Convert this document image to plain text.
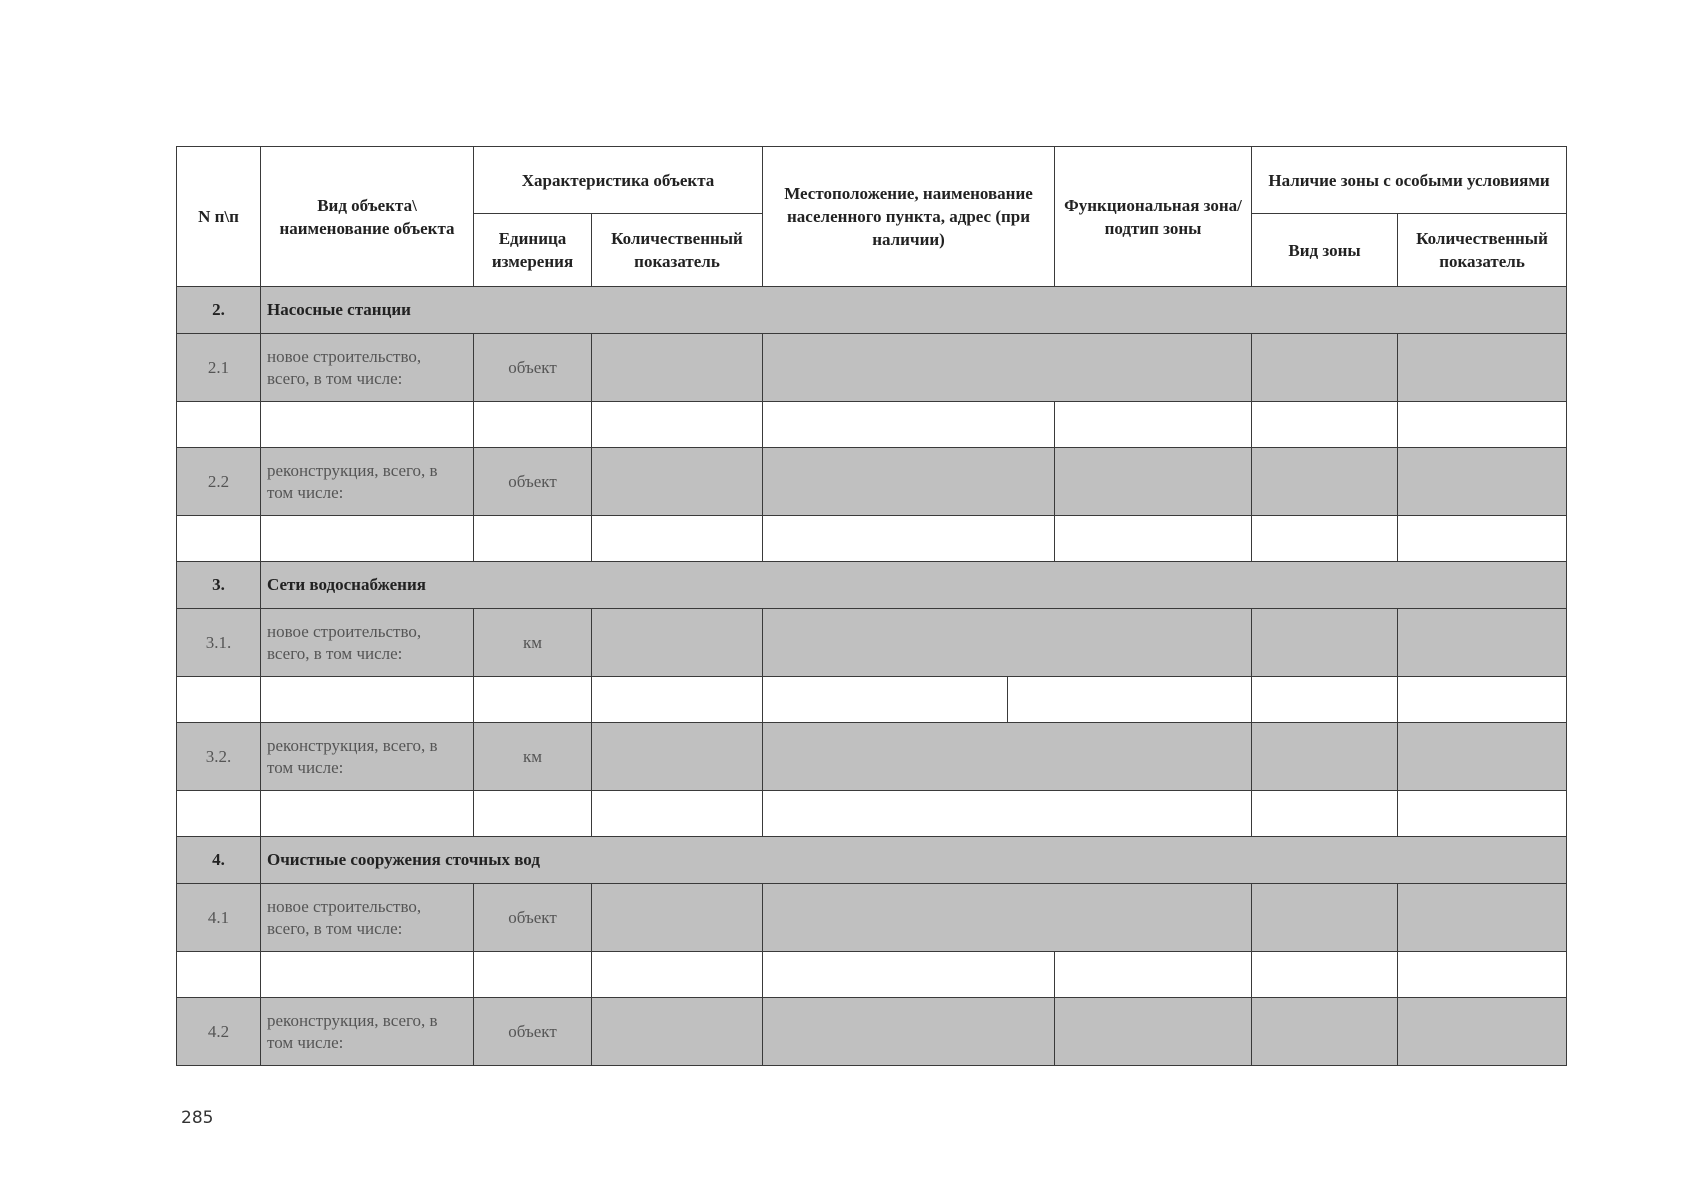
N п\п	Вид объекта\ наименование объекта	Характеристика объекта		Местоположение, наименование населенного пункта, адрес (при наличии)	Функциональная зона/ подтип зоны	Наличие зоны с особыми условиями	
		Единица измерения	Количественный показатель			Вид зоны	Количественный показатель
2.	Насосные станции						
2.1	новое строительство, всего, в том числе:	объект					

2.2	реконструкция, всего, в том числе:	объект					

3.	Сети водоснабжения						
3.1.	новое строительство, всего, в том числе:	км					

3.2.	реконструкция, всего, в том числе:	км					

4.	Очистные сооружения сточных вод						
4.1	новое строительство, всего, в том числе:	объект					

4.2	реконструкция, всего, в том числе:	объект					
285
